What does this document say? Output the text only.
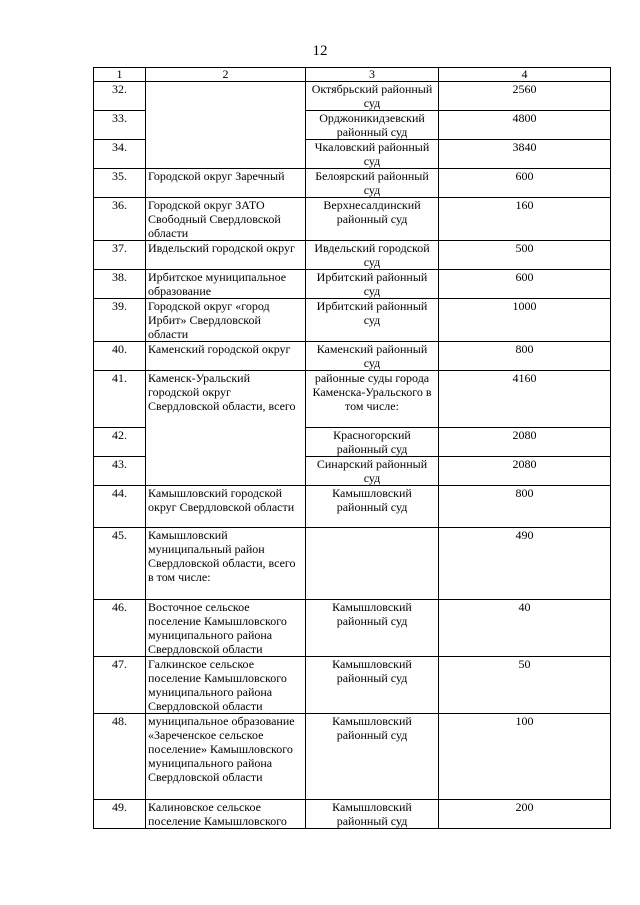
12
1	2	3	4
32.		Октябрьский районный суд	2560
33.		Орджоникидзевский районный суд	4800
34.		Чкаловский районный суд	3840
35.	Городской округ Заречный	Белоярский районный суд	600
36.	Городской округ ЗАТО Свободный Свердловской области	Верхнесалдинский районный суд	160
37.	Ивдельский городской округ	Ивдельский городской суд	500
38.	Ирбитское муниципальное образование	Ирбитский районный суд	600
39.	Городской округ «город Ирбит» Свердловской области	Ирбитский районный суд	1000
40.	Каменский городской округ	Каменский районный суд	800
41.	Каменск-Уральский городской округ Свердловской области, всего	районные суды города Каменска-Уральского в том числе:	4160
42.		Красногорский районный суд	2080
43.		Синарский районный суд	2080
44.	Камышловский городской округ Свердловской области	Камышловский районный суд	800
45.	Камышловский муниципальный район Свердловской области, всего в том числе:		490
46.	Восточное сельское поселение Камышловского муниципального района Свердловской области	Камышловский районный суд	40
47.	Галкинское сельское поселение Камышловского муниципального района Свердловской области	Камышловский районный суд	50
48.	муниципальное образование «Зареченское сельское поселение» Камышловского муниципального района Свердловской области	Камышловский районный суд	100
49.	Калиновское сельское поселение Камышловского	Камышловский районный суд	200
